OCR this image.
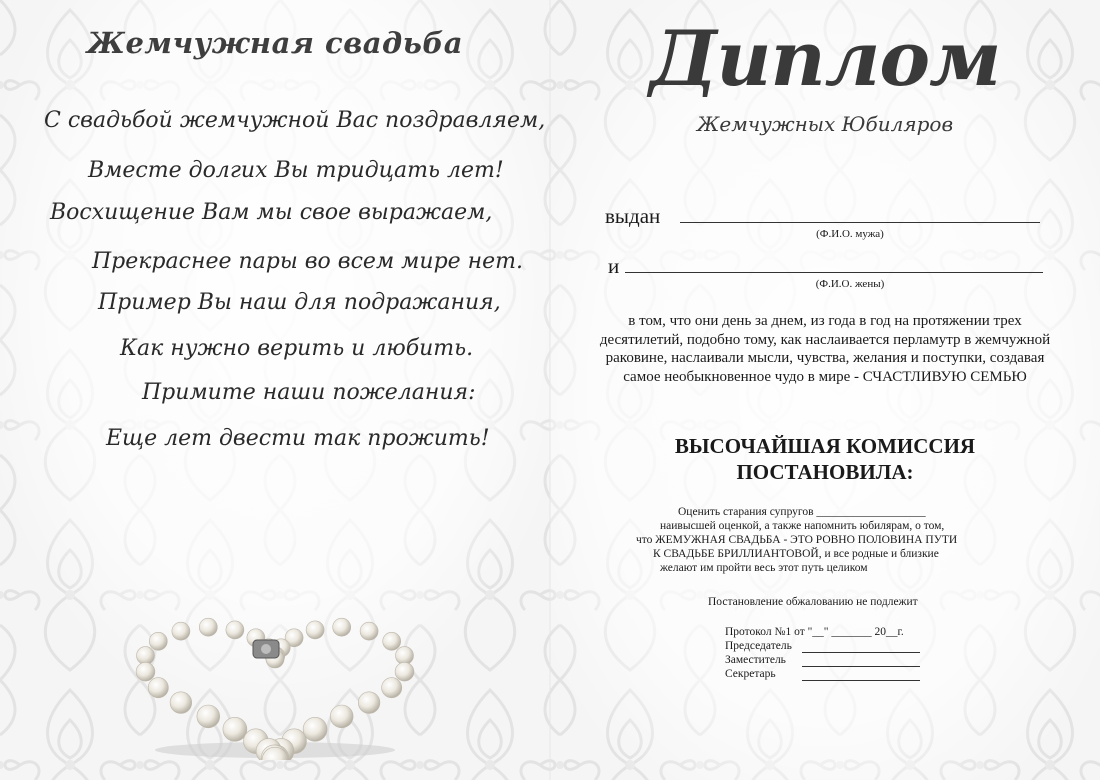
Жемчужная свадьба
С свадьбой жемчужной Вас поздравляем,
Вместе долгих Вы тридцать лет!
Восхищение Вам мы свое выражаем,
Прекраснее пары во всем мире нет.
Пример Вы наш для подражания,
Как нужно верить и любить.
Примите наши пожелания:
Еще лет двести так прожить!
Диплом
Жемчужных Юбиляров
выдан
(Ф.И.О. мужа)
и
(Ф.И.О. жены)
в том, что они день за днем, из года в год на протяжении трех десятилетий, подобно тому, как наслаивается перламутр в жемчужной раковине, наслаивали мысли, чувства, желания и поступки, создавая самое необыкновенное чудо в мире - СЧАСТЛИВУЮ СЕМЬЮ
ВЫСОЧАЙШАЯ КОМИССИЯ
ПОСТАНОВИЛА:
Оценить старания супругов ___________________
наивысшей оценкой, а также напомнить юбилярам, о том,
что ЖЕМУЖНАЯ СВАДЬБА - ЭТО РОВНО ПОЛОВИНА ПУТИ
К СВАДЬБЕ БРИЛЛИАНТОВОЙ, и все родные и близкие
желают им пройти весь этот путь целиком
Постановление обжалованию не подлежит
Протокол №1 от "__" _______ 20__г.
Председатель
Заместитель
Секретарь
